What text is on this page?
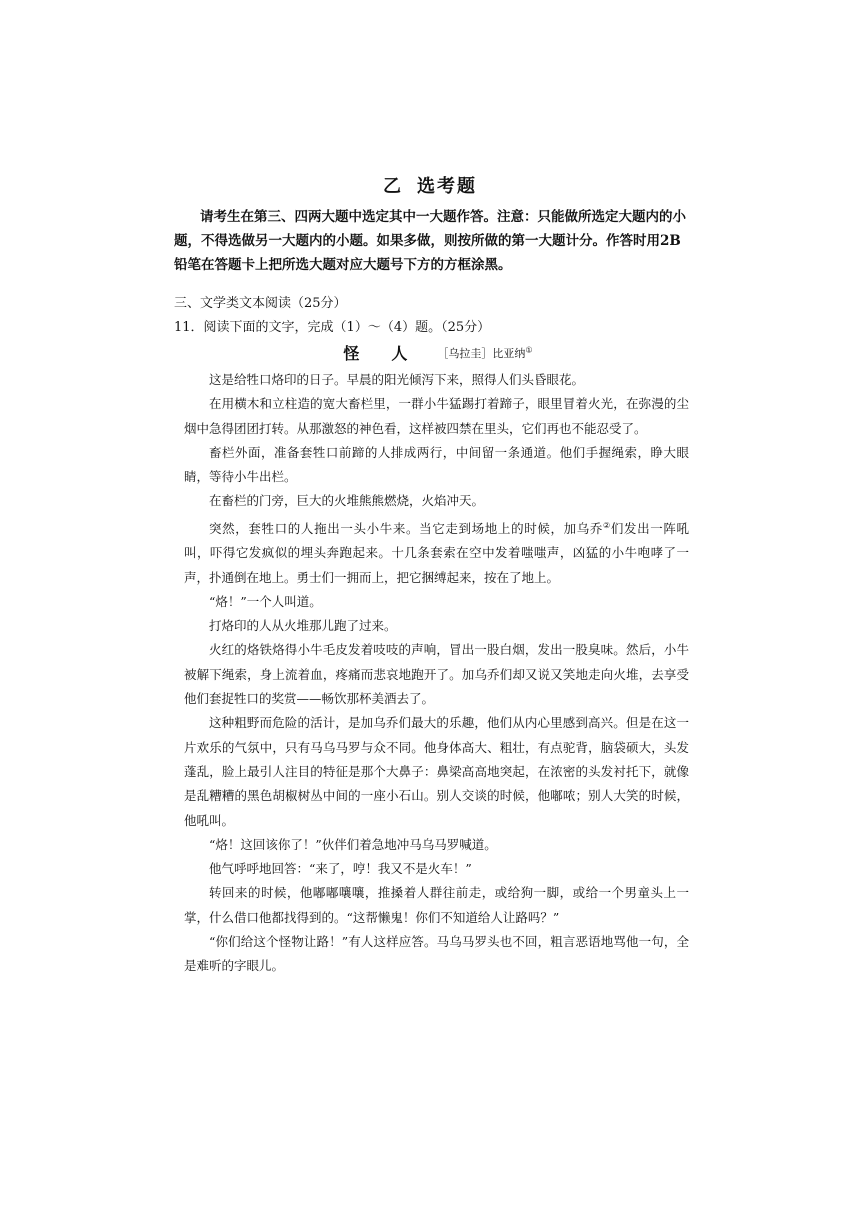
乙 选考题

请考生在第三、四两大题中选定其中一大题作答。注意：只能做所选定大题内的小题，不得选做另一大题内的小题。如果多做，则按所做的第一大题计分。作答时用2B铅笔在答题卡上把所选大题对应大题号下方的方框涂黑。

三、文学类文本阅读（25分）

11．阅读下面的文字，完成（1）～（4）题。（25分）

怪 人	［乌拉圭］比亚纳①

这是给牲口烙印的日子。早晨的阳光倾泻下来，照得人们头昏眼花。

在用横木和立柱造的宽大畜栏里，一群小牛猛踢打着蹄子，眼里冒着火光，在弥漫的尘烟中急得团团打转。从那激怒的神色看，这样被四禁在里头，它们再也不能忍受了。

畜栏外面，准备套牲口前蹄的人排成两行，中间留一条通道。他们手握绳索，睁大眼睛，等待小牛出栏。

在畜栏的门旁，巨大的火堆熊熊燃烧，火焰冲天。

突然，套牲口的人拖出一头小牛来。当它走到场地上的时候，加乌乔②们发出一阵吼叫，吓得它发疯似的埋头奔跑起来。十几条套索在空中发着嗤嗤声，凶猛的小牛咆哮了一声，扑通倒在地上。勇士们一拥而上，把它捆缚起来，按在了地上。

“烙！”一个人叫道。

打烙印的人从火堆那儿跑了过来。

火红的烙铁烙得小牛毛皮发着吱吱的声响，冒出一股白烟，发出一股臭味。然后，小牛被解下绳索，身上流着血，疼痛而悲哀地跑开了。加乌乔们却又说又笑地走向火堆，去享受他们套捉牲口的奖赏——畅饮那杯美酒去了。

这种粗野而危险的活计，是加乌乔们最大的乐趣，他们从内心里感到高兴。但是在这一片欢乐的气氛中，只有马乌马罗与众不同。他身体高大、粗壮，有点驼背，脑袋硕大，头发蓬乱，脸上最引人注目的特征是那个大鼻子：鼻梁高高地突起，在浓密的头发衬托下，就像是乱糟糟的黑色胡椒树丛中间的一座小石山。别人交谈的时候，他嘟哝；别人大笑的时候，他吼叫。

“烙！这回该你了！”伙伴们着急地冲马乌马罗喊道。

他气呼呼地回答：“来了，哼！我又不是火车！”

转回来的时候，他嘟嘟嚷嚷，推搡着人群往前走，或给狗一脚，或给一个男童头上一掌，什么借口他都找得到的。“这帮懒鬼！你们不知道给人让路吗？”

“你们给这个怪物让路！”有人这样应答。马乌马罗头也不回，粗言恶语地骂他一句，全是难听的字眼儿。
